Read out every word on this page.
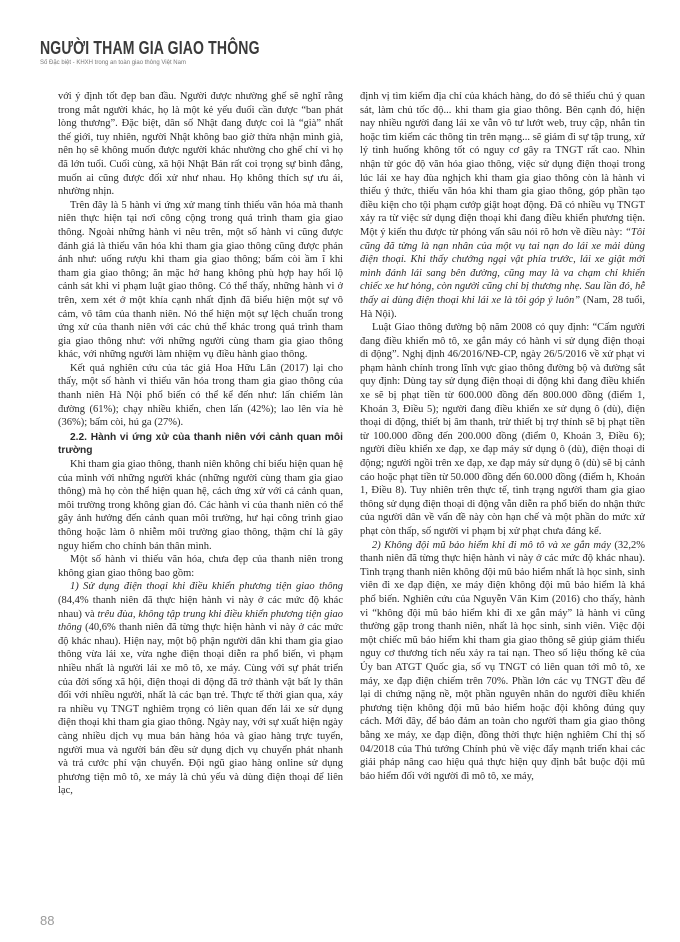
NGƯỜI THAM GIA GIAO THÔNG
Số Đặc biệt - KHXH trong an toàn giao thông Việt Nam

với ý định tốt đẹp ban đầu. Người được nhường ghế sẽ nghĩ rằng trong mắt người khác, họ là một kẻ yếu đuối cần được “ban phát lòng thương”. Đặc biệt, dân số Nhật đang được coi là “già” nhất thế giới, tuy nhiên, người Nhật không bao giờ thừa nhận mình già, nên họ sẽ không muốn được người khác nhường cho ghế chỉ vì họ đã lớn tuổi. Cuối cùng, xã hội Nhật Bản rất coi trọng sự bình đẳng, muốn ai cũng được đối xử như nhau. Họ không thích sự ưu ái, nhường nhịn.

Trên đây là 5 hành vi ứng xử mang tính thiếu văn hóa mà thanh niên thực hiện tại nơi công cộng trong quá trình tham gia giao thông. Ngoài những hành vi nêu trên, một số hành vi cũng được đánh giá là thiếu văn hóa khi tham gia giao thông cũng được phản ánh như: uống rượu khi tham gia giao thông; bấm còi ầm ĩ khi tham gia giao thông; ăn mặc hở hang không phù hợp hay hối lộ cảnh sát khi vi phạm luật giao thông. Có thể thấy, những hành vi ở trên, xem xét ở một khía cạnh nhất định đã biểu hiện một sự vô cảm, vô tâm của thanh niên. Nó thể hiện một sự lệch chuẩn trong ứng xử của thanh niên với các chủ thể khác trong quá trình tham gia giao thông như: với những người cùng tham gia giao thông khác, với những người làm nhiệm vụ điều hành giao thông.

Kết quả nghiên cứu của tác giả Hoa Hữu Lân (2017) lại cho thấy, một số hành vi thiếu văn hóa trong tham gia giao thông của thanh niên Hà Nội phổ biến có thể kể đến như: lấn chiếm làn đường (61%); chạy nhiều khiển, chen lấn (42%); lao lên vỉa hè (36%); bấm còi, hú ga (27%).

2.2. Hành vi ứng xử của thanh niên với cảnh quan môi trường

Khi tham gia giao thông, thanh niên không chỉ biểu hiện quan hệ của mình với những người khác (những người cùng tham gia giao thông) mà họ còn thể hiện quan hệ, cách ứng xử với cả cảnh quan, môi trường trong không gian đó. Các hành vi của thanh niên có thể gây ảnh hưởng đến cảnh quan môi trường, hư hại công trình giao thông hoặc làm ô nhiễm môi trường giao thông, thậm chí là gây nguy hiểm cho chính bản thân mình.

Một số hành vi thiếu văn hóa, chưa đẹp của thanh niên trong không gian giao thông bao gồm:

1) Sử dụng điện thoại khi điều khiển phương tiện giao thông (84,4% thanh niên đã thực hiện hành vi này ở các mức độ khác nhau) và trêu đùa, không tập trung khi điều khiển phương tiện giao thông (40,6% thanh niên đã từng thực hiện hành vi này ở các mức độ khác nhau). Hiện nay, một bộ phận người dân khi tham gia giao thông vừa lái xe, vừa nghe điện thoại diễn ra phổ biến, vì phạm nhiều nhất là người lái xe mô tô, xe máy. Cùng với sự phát triển của đời sống xã hội, điện thoại di động đã trở thành vật bất ly thân đối với nhiều người, nhất là các bạn trẻ. Thực tế thời gian qua, xảy ra nhiều vụ TNGT nghiêm trọng có liên quan đến lái xe sử dụng điện thoại khi tham gia giao thông. Ngày nay, với sự xuất hiện ngày càng nhiều dịch vụ mua bán hàng hóa và giao hàng trực tuyến, người mua và người bán đều sử dụng dịch vụ chuyển phát nhanh và trả cước phí vận chuyển. Đội ngũ giao hàng online sử dụng phương tiện mô tô, xe máy là chủ yếu và dùng điện thoại để liên lạc,

định vị tìm kiếm địa chỉ của khách hàng, do đó sẽ thiếu chú ý quan sát, làm chủ tốc độ... khi tham gia giao thông. Bên cạnh đó, hiện nay nhiều người đang lái xe vẫn vô tư lướt web, truy cập, nhắn tin hoặc tìm kiếm các thông tin trên mạng... sẽ giảm đi sự tập trung, xử lý tình huống không tốt có nguy cơ gây ra TNGT rất cao. Nhìn nhận từ góc độ văn hóa giao thông, việc sử dụng điện thoại trong lúc lái xe hay đùa nghịch khi tham gia giao thông còn là hành vi thiếu ý thức, thiếu văn hóa khi tham gia giao thông, góp phần tạo điều kiện cho tội phạm cướp giật hoạt động. Đã có nhiều vụ TNGT xảy ra từ việc sử dụng điện thoại khi đang điều khiển phương tiện. Một ý kiến thu được từ phỏng vấn sâu nói rõ hơn về điều này: “Tôi cũng đã từng là nạn nhân của một vụ tai nạn do lái xe mải dùng điện thoại. Khi thấy chướng ngại vật phía trước, lái xe giật mới mình đánh lái sang bên đường, cũng may là va chạm chỉ khiến chiếc xe hư hỏng, còn người cũng chỉ bị thương nhẹ. Sau lần đó, hễ thấy ai dùng điện thoại khi lái xe là tôi góp ý luôn” (Nam, 28 tuổi, Hà Nội).

Luật Giao thông đường bộ năm 2008 có quy định: “Cấm người đang điều khiển mô tô, xe gắn máy có hành vi sử dụng điện thoại di động”. Nghị định 46/2016/NĐ-CP, ngày 26/5/2016 về xử phạt vi phạm hành chính trong lĩnh vực giao thông đường bộ và đường sắt quy định: Dùng tay sử dụng điện thoại di động khi đang điều khiển xe sẽ bị phạt tiền từ 600.000 đồng đến 800.000 đồng (điểm 1, Khoản 3, Điều 5); người đang điều khiển xe sử dụng ô (dù), điện thoại di động, thiết bị âm thanh, trừ thiết bị trợ thính sẽ bị phạt tiền từ 100.000 đồng đến 200.000 đồng (điểm 0, Khoản 3, Điều 6); người điều khiển xe đạp, xe đạp máy sử dụng ô (dù), điện thoại di động; người ngồi trên xe đạp, xe đạp máy sử dụng ô (dù) sẽ bị cảnh cáo hoặc phạt tiền từ 50.000 đồng đến 60.000 đồng (điểm h, Khoản 1, Điều 8). Tuy nhiên trên thực tế, tình trạng người tham gia giao thông sử dụng điện thoại di động vẫn diễn ra phổ biến do nhận thức của người dân về vấn đề này còn hạn chế và một phần do mức xử phạt còn thấp, số người vi phạm bị xử phạt chưa đáng kể.

2) Không đội mũ bảo hiểm khi đi mô tô và xe gắn máy (32,2% thanh niên đã từng thực hiện hành vi này ở các mức độ khác nhau). Tình trạng thanh niên không đội mũ bảo hiểm nhất là học sinh, sinh viên đi xe đạp điện, xe máy điện không đội mũ bảo hiểm là khá phổ biến. Nghiên cứu của Nguyễn Văn Kim (2016) cho thấy, hành vi “không đội mũ bảo hiểm khi đi xe gắn máy” là hành vi cũng thường gặp trong thanh niên, nhất là học sinh, sinh viên. Việc đội một chiếc mũ bảo hiểm khi tham gia giao thông sẽ giúp giảm thiểu nguy cơ thương tích nếu xảy ra tai nạn. Theo số liệu thống kê của Ủy ban ATGT Quốc gia, số vụ TNGT có liên quan tới mô tô, xe máy, xe đạp điện chiếm trên 70%. Phần lớn các vụ TNGT đều để lại di chứng nặng nề, một phần nguyên nhân do người điều khiển phương tiện không đội mũ bảo hiểm hoặc đội không đúng quy cách. Mới đây, để bảo đảm an toàn cho người tham gia giao thông bằng xe máy, xe đạp điện, đồng thời thực hiện nghiêm Chỉ thị số 04/2018 của Thủ tướng Chính phủ về việc đẩy mạnh triển khai các giải pháp nâng cao hiệu quả thực hiện quy định bắt buộc đội mũ bảo hiểm đối với người đi mô tô, xe máy,

88
